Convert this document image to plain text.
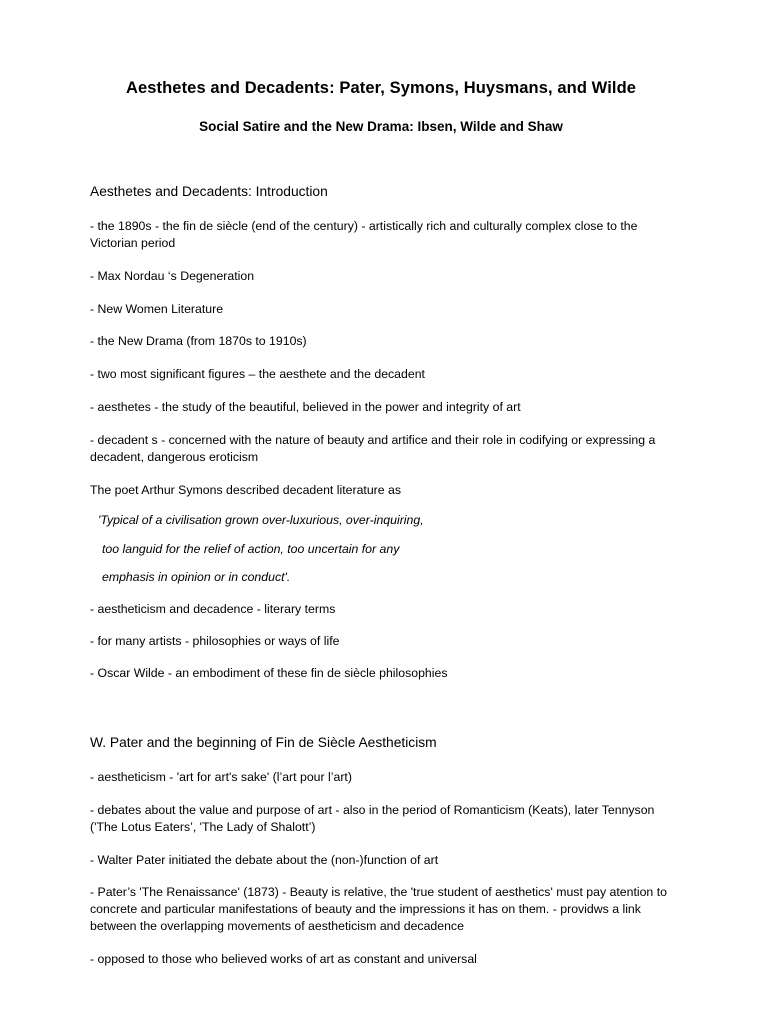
Aesthetes and Decadents: Pater, Symons, Huysmans, and Wilde
Social Satire and the New Drama: Ibsen, Wilde and Shaw
Aesthetes and Decadents: Introduction

- the 1890s - the fin de siècle (end of the century) - artistically rich and culturally complex close to the Victorian period

- Max Nordau ‘s Degeneration

- New Women Literature

- the New Drama (from 1870s to 1910s)

- two most significant figures – the aesthete and the decadent

- aesthetes - the study of the beautiful, believed in the power and integrity of art

- decadent s - concerned with the nature of beauty and artifice and their role in codifying or expressing a decadent, dangerous eroticism

The poet Arthur Symons described decadent literature as

'Typical of a civilisation grown over-luxurious, over-inquiring,

too languid for the relief of action, too uncertain for any

emphasis in opinion or in conduct'.

- aestheticism and decadence - literary terms

- for many artists - philosophies or ways of life

- Oscar Wilde - an embodiment of these fin de siècle philosophies

W. Pater and the beginning of Fin de Siècle Aestheticism

- aestheticism - 'art for art's sake' (l’art pour l’art)

- debates about the value and purpose of art - also in the period of Romanticism (Keats), later Tennyson ('The Lotus Eaters’, 'The Lady of Shalott’)

- Walter Pater initiated the debate about the (non-)function of art

- Pater’s 'The Renaissance' (1873) - Beauty is relative, the 'true student of aesthetics' must pay atention to concrete and particular manifestations of beauty and the impressions it has on them. - providws a link between the overlapping movements of aestheticism and decadence

- opposed to those who believed works of art as constant and universal
